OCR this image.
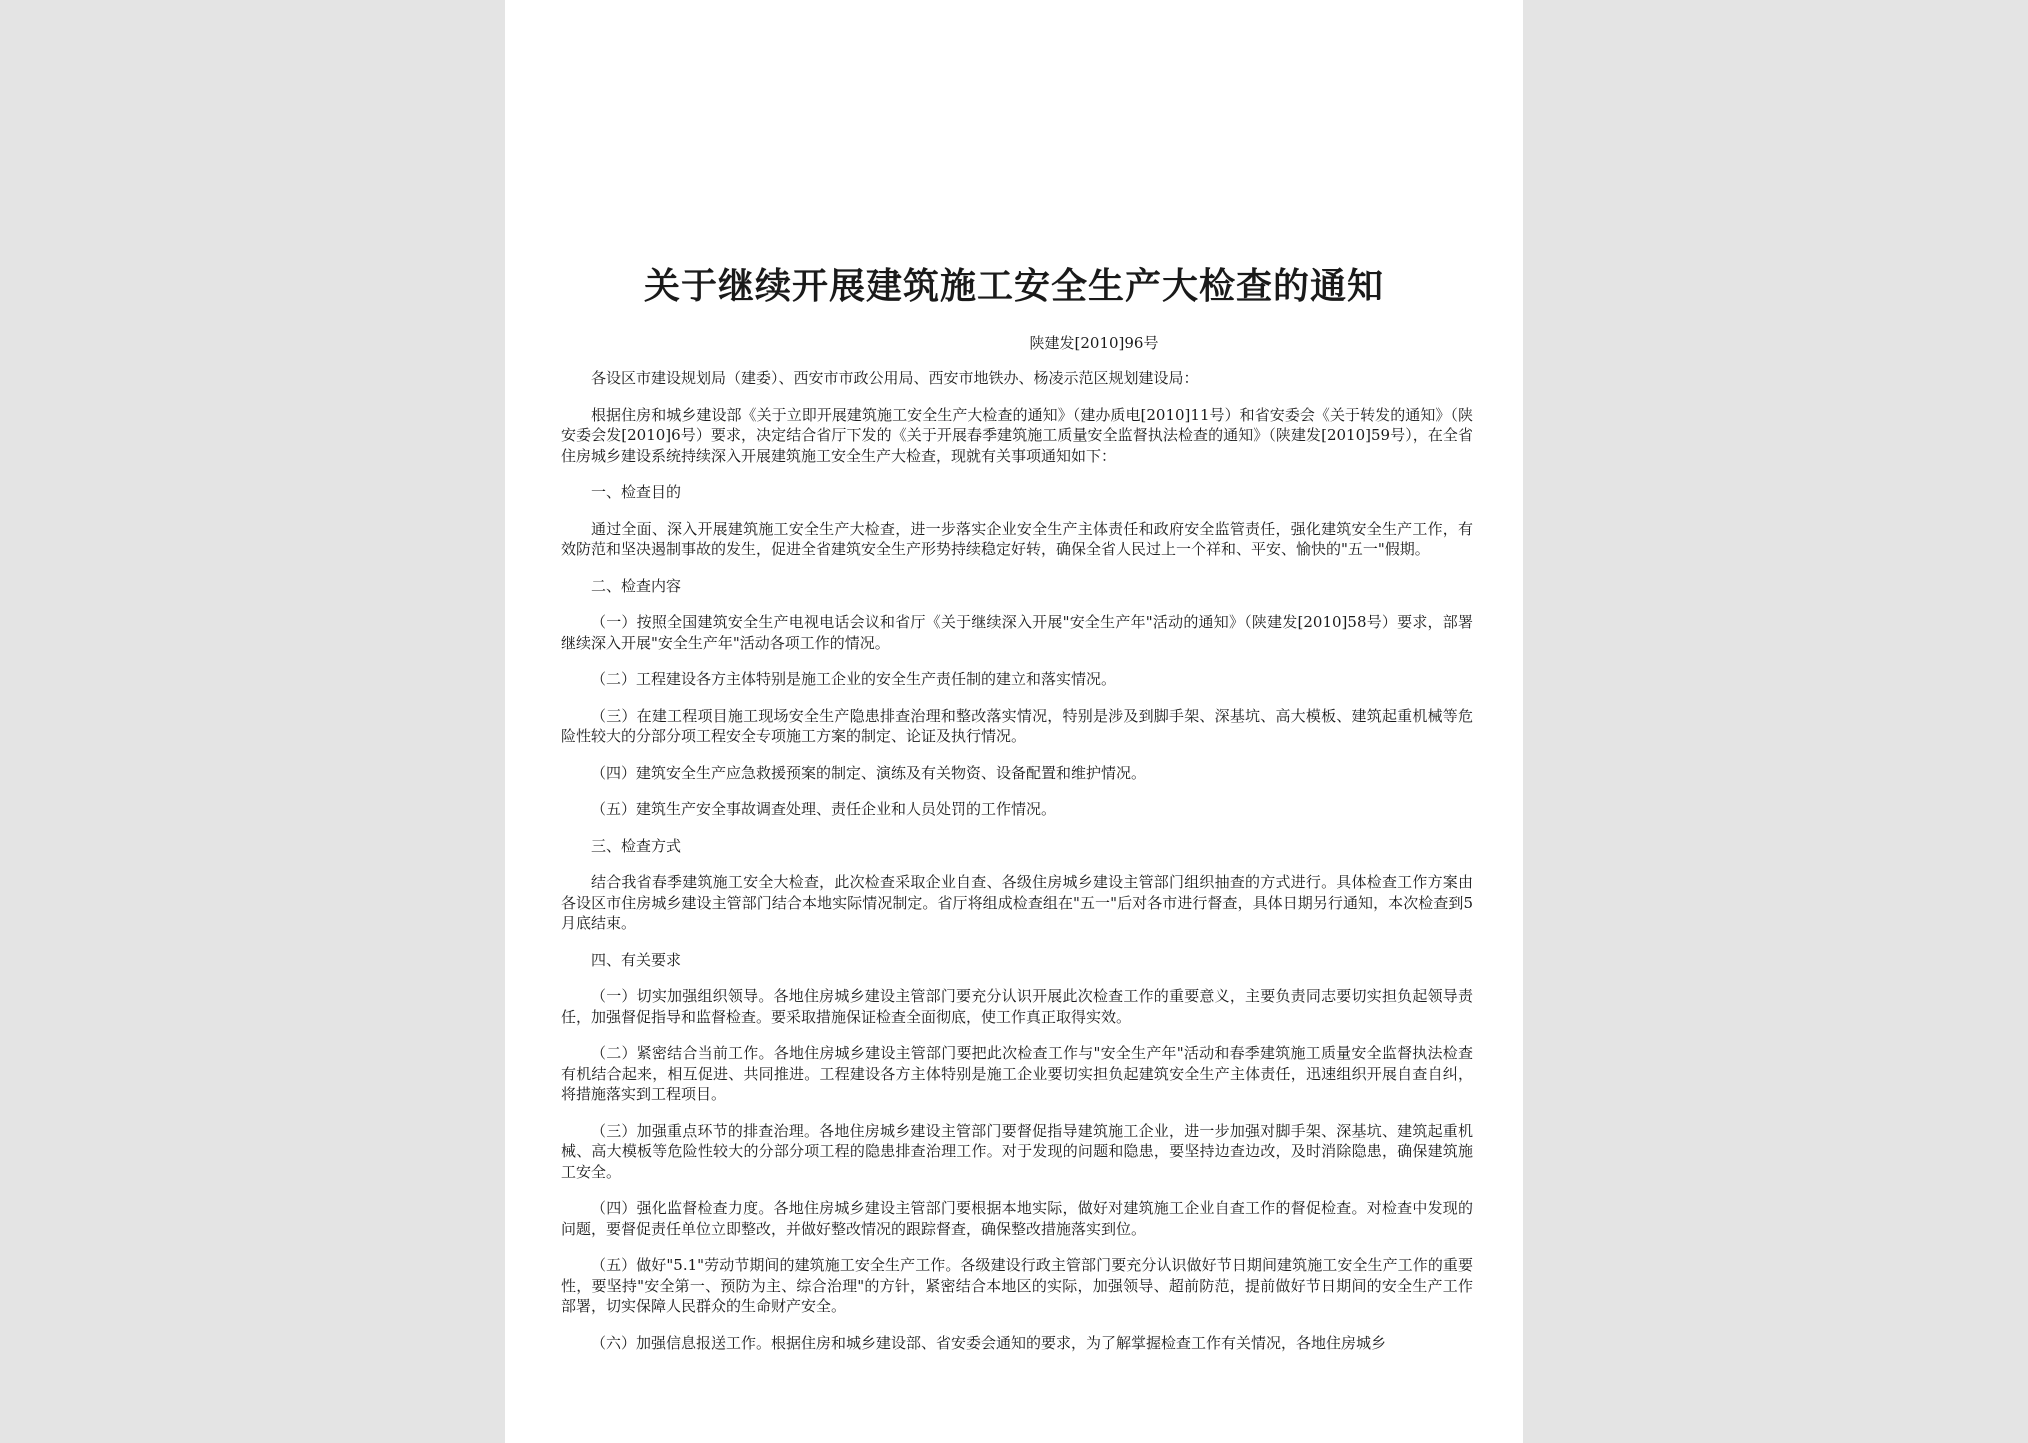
关于继续开展建筑施工安全生产大检查的通知
陕建发[2010]96号

各设区市建设规划局（建委）、西安市市政公用局、西安市地铁办、杨凌示范区规划建设局：

根据住房和城乡建设部《关于立即开展建筑施工安全生产大检查的通知》（建办质电[2010]11号）和省安委会《关于转发的通知》（陕安委会发[2010]6号）要求，决定结合省厅下发的《关于开展春季建筑施工质量安全监督执法检查的通知》（陕建发[2010]59号），在全省住房城乡建设系统持续深入开展建筑施工安全生产大检查，现就有关事项通知如下：

一、检查目的

通过全面、深入开展建筑施工安全生产大检查，进一步落实企业安全生产主体责任和政府安全监管责任，强化建筑安全生产工作，有效防范和坚决遏制事故的发生，促进全省建筑安全生产形势持续稳定好转，确保全省人民过上一个祥和、平安、愉快的"五一"假期。

二、检查内容

（一）按照全国建筑安全生产电视电话会议和省厅《关于继续深入开展"安全生产年"活动的通知》（陕建发[2010]58号）要求，部署继续深入开展"安全生产年"活动各项工作的情况。

（二）工程建设各方主体特别是施工企业的安全生产责任制的建立和落实情况。

（三）在建工程项目施工现场安全生产隐患排查治理和整改落实情况，特别是涉及到脚手架、深基坑、高大模板、建筑起重机械等危险性较大的分部分项工程安全专项施工方案的制定、论证及执行情况。

（四）建筑安全生产应急救援预案的制定、演练及有关物资、设备配置和维护情况。

（五）建筑生产安全事故调查处理、责任企业和人员处罚的工作情况。

三、检查方式

结合我省春季建筑施工安全大检查，此次检查采取企业自查、各级住房城乡建设主管部门组织抽查的方式进行。具体检查工作方案由各设区市住房城乡建设主管部门结合本地实际情况制定。省厅将组成检查组在"五一"后对各市进行督查，具体日期另行通知，本次检查到5月底结束。

四、有关要求

（一）切实加强组织领导。各地住房城乡建设主管部门要充分认识开展此次检查工作的重要意义，主要负责同志要切实担负起领导责任，加强督促指导和监督检查。要采取措施保证检查全面彻底，使工作真正取得实效。

（二）紧密结合当前工作。各地住房城乡建设主管部门要把此次检查工作与"安全生产年"活动和春季建筑施工质量安全监督执法检查有机结合起来，相互促进、共同推进。工程建设各方主体特别是施工企业要切实担负起建筑安全生产主体责任，迅速组织开展自查自纠，将措施落实到工程项目。

（三）加强重点环节的排查治理。各地住房城乡建设主管部门要督促指导建筑施工企业，进一步加强对脚手架、深基坑、建筑起重机械、高大模板等危险性较大的分部分项工程的隐患排查治理工作。对于发现的问题和隐患，要坚持边查边改，及时消除隐患，确保建筑施工安全。

（四）强化监督检查力度。各地住房城乡建设主管部门要根据本地实际，做好对建筑施工企业自查工作的督促检查。对检查中发现的问题，要督促责任单位立即整改，并做好整改情况的跟踪督查，确保整改措施落实到位。

（五）做好"5.1"劳动节期间的建筑施工安全生产工作。各级建设行政主管部门要充分认识做好节日期间建筑施工安全生产工作的重要性，要坚持"安全第一、预防为主、综合治理"的方针，紧密结合本地区的实际，加强领导、超前防范，提前做好节日期间的安全生产工作部署，切实保障人民群众的生命财产安全。

（六）加强信息报送工作。根据住房和城乡建设部、省安委会通知的要求，为了解掌握检查工作有关情况，各地住房城乡
